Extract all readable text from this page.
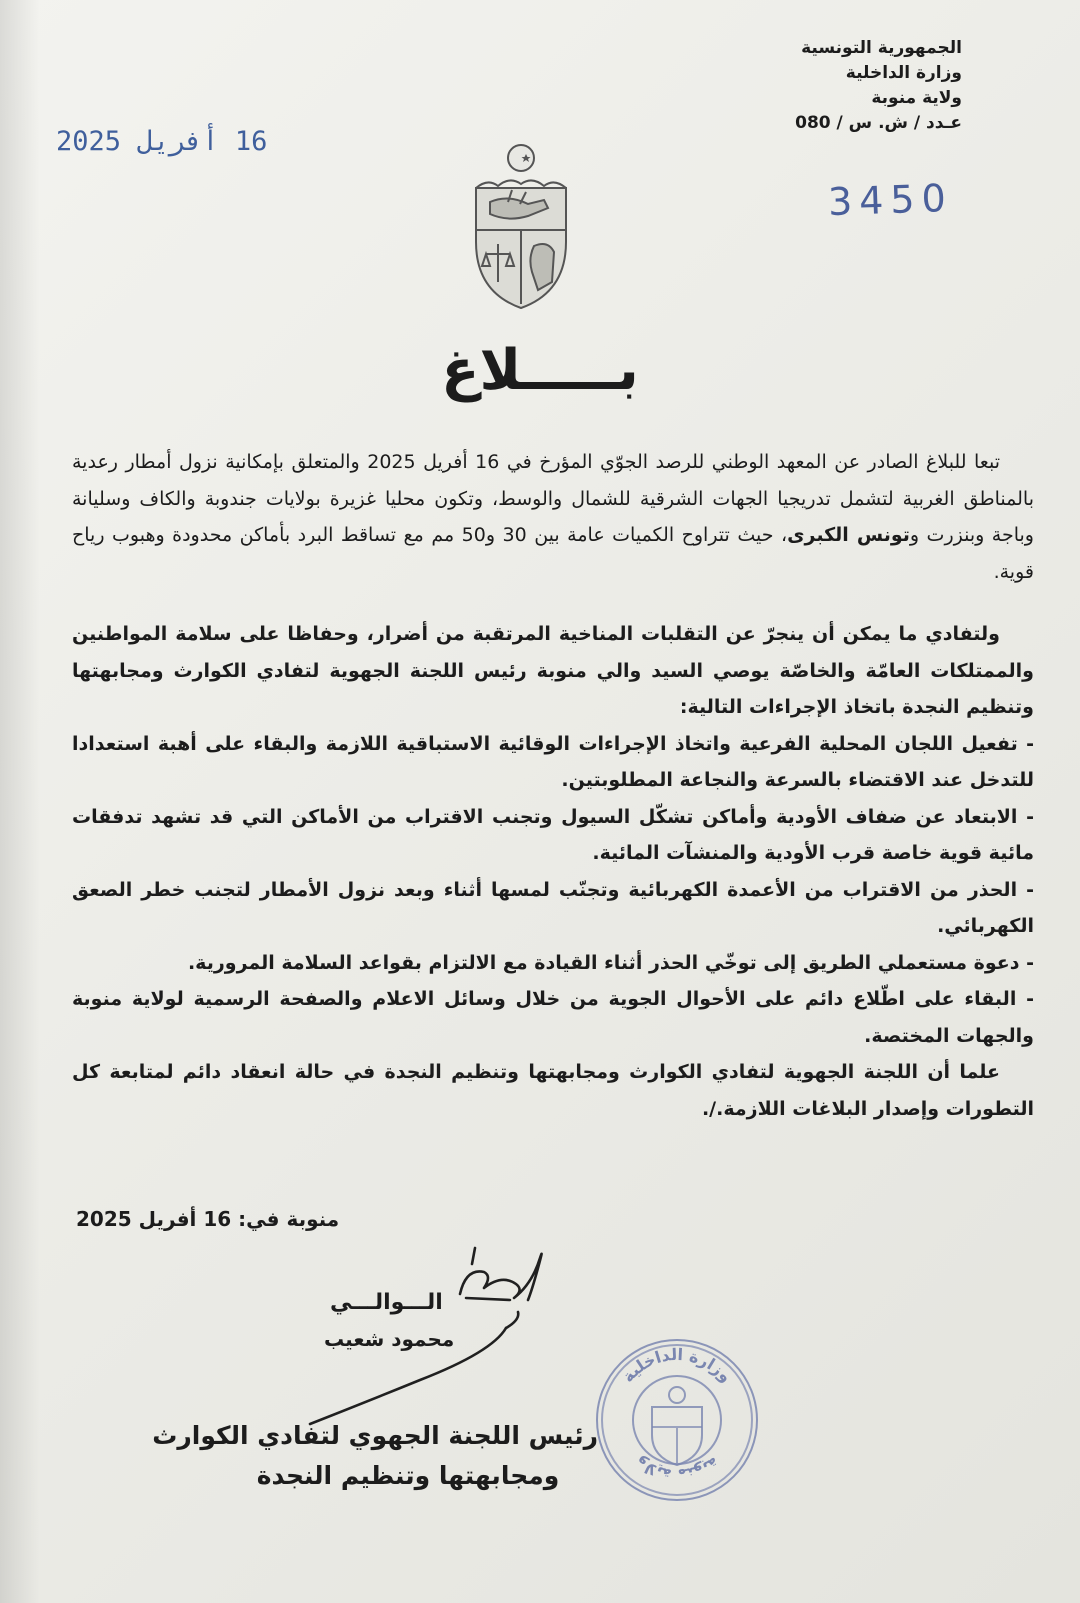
الجمهورية التونسية
وزارة الداخلية
ولاية منوبة
عـدد / ش. س / 080
16 أفريل 2025
3450
بـــــلاغ

تبعا للبلاغ الصادر عن المعهد الوطني للرصد الجوّي المؤرخ في 16 أفريل 2025 والمتعلق بإمكانية نزول أمطار رعدية بالمناطق الغربية لتشمل تدريجيا الجهات الشرقية للشمال والوسط، وتكون محليا غزيرة بولايات جندوبة والكاف وسليانة وباجة وبنزرت وتونس الكبرى، حيث تتراوح الكميات عامة بين 30 و50 مم مع تساقط البرد بأماكن محدودة وهبوب رياح قوية.

ولتفادي ما يمكن أن ينجرّ عن التقلبات المناخية المرتقبة من أضرار، وحفاظا على سلامة المواطنين والممتلكات العامّة والخاصّة يوصي السيد والي منوبة رئيس اللجنة الجهوية لتفادي الكوارث ومجابهتها وتنظيم النجدة باتخاذ الإجراءات التالية:

- تفعيل اللجان المحلية الفرعية واتخاذ الإجراءات الوقائية الاستباقية اللازمة والبقاء على أهبة استعدادا للتدخل عند الاقتضاء بالسرعة والنجاعة المطلوبتين.

- الابتعاد عن ضفاف الأودية وأماكن تشكّل السيول وتجنب الاقتراب من الأماكن التي قد تشهد تدفقات مائية قوية خاصة قرب الأودية والمنشآت المائية.

- الحذر من الاقتراب من الأعمدة الكهربائية وتجنّب لمسها أثناء وبعد نزول الأمطار لتجنب خطر الصعق الكهربائي.

- دعوة مستعملي الطريق إلى توخّي الحذر أثناء القيادة مع الالتزام بقواعد السلامة المرورية.

- البقاء على اطّلاع دائم على الأحوال الجوية من خلال وسائل الاعلام والصفحة الرسمية لولاية منوبة والجهات المختصة.

علما أن اللجنة الجهوية لتفادي الكوارث ومجابهتها وتنظيم النجدة في حالة انعقاد دائم لمتابعة كل التطورات وإصدار البلاغات اللازمة./.

منوبة في: 16 أفريل 2025
الـــوالـــي
محمود شعيب
رئيس اللجنة الجهوي لتفادي الكوارث
ومجابهتها وتنظيم النجدة
وزارة الداخلية
ولاية منوبة
